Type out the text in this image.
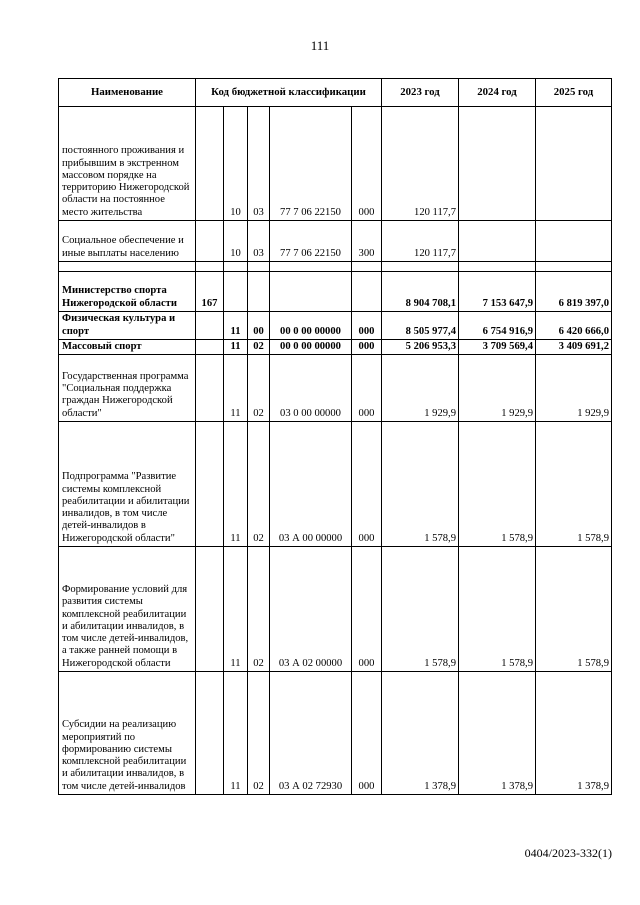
111
Наименование	Код бюджетной классификации					2023 год	2024 год	2025 год
постоянного проживания и прибывшим в экстренном массовом порядке на территорию Нижегородской области на постоянное место жительства		10	03	77 7 06 22150	000	120 117,7		
Социальное обеспечение и иные выплаты населению		10	03	77 7 06 22150	300	120 117,7		

Министерство спорта Нижегородской области	167					8 904 708,1	7 153 647,9	6 819 397,0
Физическая культура и спорт		11	00	00 0 00 00000	000	8 505 977,4	6 754 916,9	6 420 666,0
Массовый спорт		11	02	00 0 00 00000	000	5 206 953,3	3 709 569,4	3 409 691,2
Государственная программа "Социальная поддержка граждан Нижегородской области"		11	02	03 0 00 00000	000	1 929,9	1 929,9	1 929,9
Подпрограмма "Развитие системы комплексной реабилитации и абилитации инвалидов, в том числе детей-инвалидов в Нижегородской области"		11	02	03 А 00 00000	000	1 578,9	1 578,9	1 578,9
Формирование условий для развития системы комплексной реабилитации и абилитации инвалидов, в том числе детей-инвалидов, а также ранней помощи в Нижегородской области		11	02	03 А 02 00000	000	1 578,9	1 578,9	1 578,9
Субсидии на реализацию мероприятий по формированию системы комплексной реабилитации и абилитации инвалидов, в том числе детей-инвалидов		11	02	03 А 02 72930	000	1 378,9	1 378,9	1 378,9
0404/2023-332(1)
